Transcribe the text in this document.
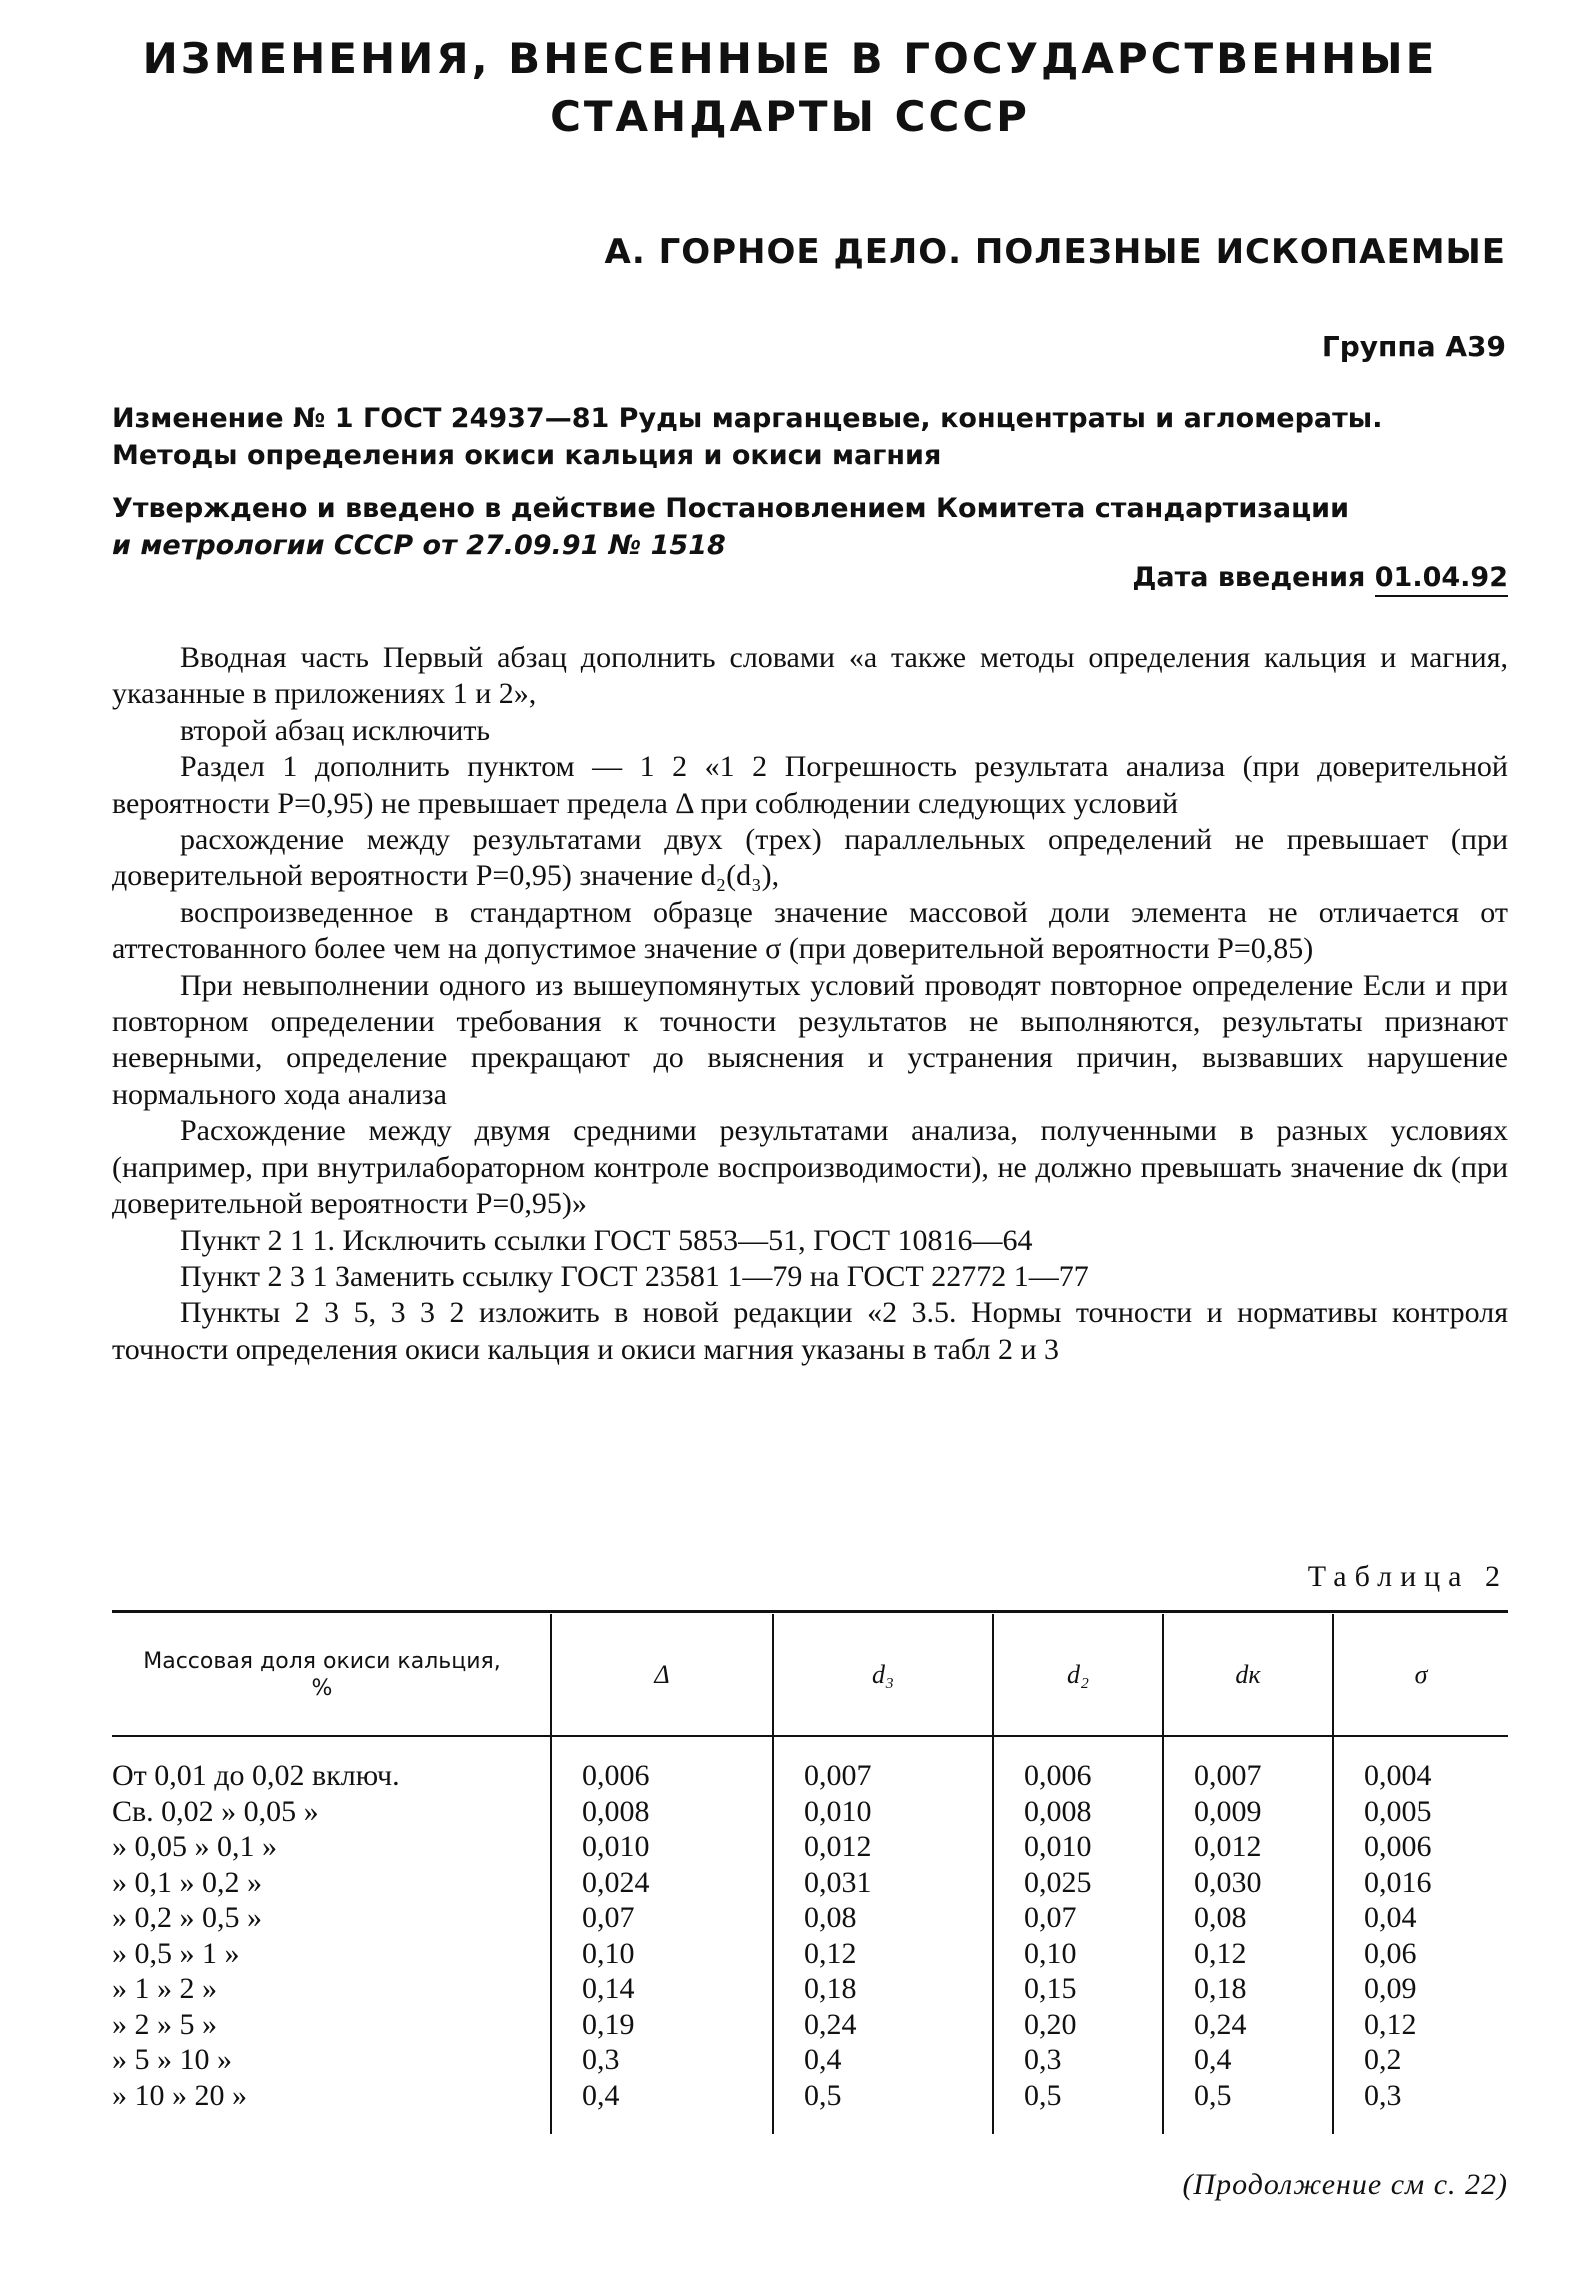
ИЗМЕНЕНИЯ, ВНЕСЕННЫЕ В ГОСУДАРСТВЕННЫЕ
СТАНДАРТЫ СССР
А. ГОРНОЕ ДЕЛО. ПОЛЕЗНЫЕ ИСКОПАЕМЫЕ
Группа А39
Изменение № 1 ГОСТ 24937—81 Руды марганцевые, концентраты и агломераты.
Методы определения окиси кальция и окиси магния
Утверждено и введено в действие Постановлением Комитета стандартизации
и метрологии СССР от 27.09.91 № 1518
Дата введения 01.04.92

Вводная часть Первый абзац дополнить словами «а также методы определения кальция и магния, указанные в приложениях 1 и 2»,

второй абзац исключить

Раздел 1 дополнить пунктом — 1 2 «1 2 Погрешность результата анализа (при доверительной вероятности P=0,95) не превышает предела Δ при соблюдении следующих условий

расхождение между результатами двух (трех) параллельных определений не превышает (при доверительной вероятности P=0,95) значение d₂(d₃),

воспроизведенное в стандартном образце значение массовой доли элемента не отличается от аттестованного более чем на допустимое значение σ (при доверительной вероятности P=0,85)

При невыполнении одного из вышеупомянутых условий проводят повторное определение Если и при повторном определении требования к точности результатов не выполняются, результаты признают неверными, определение прекращают до выяснения и устранения причин, вызвавших нарушение нормального хода анализа

Расхождение между двумя средними результатами анализа, полученными в разных условиях (например, при внутрилабораторном контроле воспроизводимости), не должно превышать значение dк (при доверительной вероятности P=0,95)»

Пункт 2 1 1. Исключить ссылки ГОСТ 5853—51, ГОСТ 10816—64

Пункт 2 3 1 Заменить ссылку ГОСТ 23581 1—79 на ГОСТ 22772 1—77

Пункты 2 3 5, 3 3 2 изложить в новой редакции «2 3.5. Нормы точности и нормативы контроля точности определения окиси кальция и окиси магния указаны в табл 2 и 3

Таблица 2
Массовая доля окиси кальция, %	Δ	d₃	d₂	dк	σ
От 0,01 до 0,02 включ.	0,006	0,007	0,006	0,007	0,004
Св. 0,02 » 0,05 »	0,008	0,010	0,008	0,009	0,005
» 0,05 » 0,1 »	0,010	0,012	0,010	0,012	0,006
» 0,1 » 0,2 »	0,024	0,031	0,025	0,030	0,016
» 0,2 » 0,5 »	0,07	0,08	0,07	0,08	0,04
» 0,5 » 1 »	0,10	0,12	0,10	0,12	0,06
» 1 » 2 »	0,14	0,18	0,15	0,18	0,09
» 2 » 5 »	0,19	0,24	0,20	0,24	0,12
» 5 » 10 »	0,3	0,4	0,3	0,4	0,2
» 10 » 20 »	0,4	0,5	0,5	0,5	0,3
(Продолжение см с. 22)
